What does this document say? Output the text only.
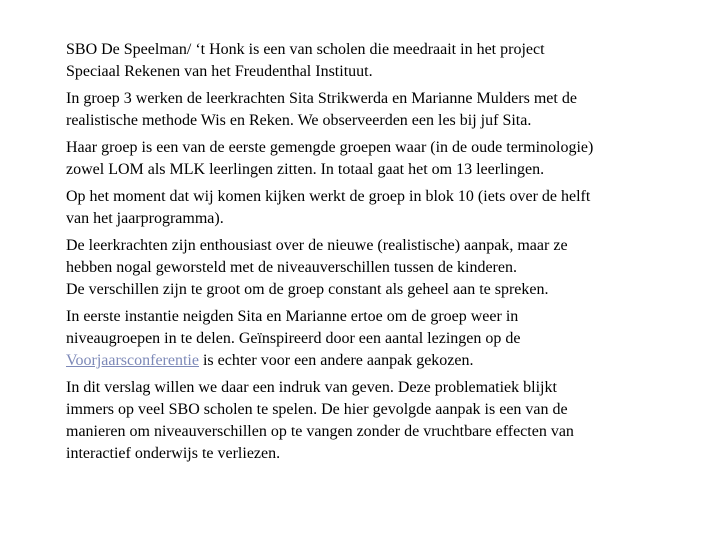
SBO De Speelman/ ‘t Honk is een van scholen die meedraait in het project
Speciaal Rekenen van het Freudenthal Instituut.

In groep 3 werken de leerkrachten Sita Strikwerda en Marianne Mulders met de
realistische methode Wis en Reken. We observeerden een les bij juf Sita.

Haar groep is een van de eerste gemengde groepen waar (in de oude terminologie)
zowel LOM als MLK leerlingen zitten. In totaal gaat het om 13 leerlingen.

Op het moment dat wij komen kijken werkt de groep in blok 10 (iets over de helft
van het jaarprogramma).

De leerkrachten zijn enthousiast over de nieuwe (realistische) aanpak, maar ze
hebben nogal geworsteld met de niveauverschillen tussen de kinderen.
De verschillen zijn te groot om de groep constant als geheel aan te spreken.

In eerste instantie neigden Sita en Marianne ertoe om de groep weer in
niveaugroepen in te delen. Geïnspireerd door een aantal lezingen op de
Voorjaarsconferentie is echter voor een andere aanpak gekozen.

In dit verslag willen we daar een indruk van geven. Deze problematiek blijkt
immers op veel SBO scholen te spelen. De hier gevolgde aanpak is een van de
manieren om niveauverschillen op te vangen zonder de vruchtbare effecten van
interactief onderwijs te verliezen.
